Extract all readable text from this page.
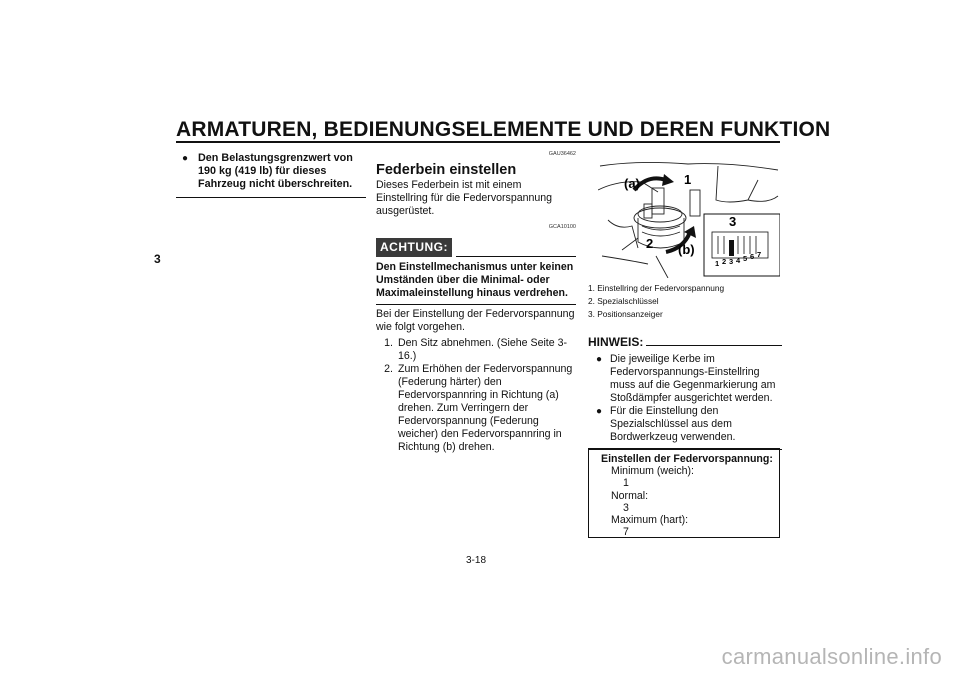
ARMATUREN, BEDIENUNGSELEMENTE UND DEREN FUNKTION
3
● Den Belastungsgrenzwert von 190 kg (419 lb) für dieses Fahrzeug nicht überschreiten.
GAU36462
Federbein einstellen
Dieses Federbein ist mit einem Einstellring für die Federvorspannung ausgerüstet.
GCA10100
ACHTUNG:
Den Einstellmechanismus unter keinen Umständen über die Minimal- oder Maximaleinstellung hinaus verdrehen.
Bei der Einstellung der Federvorspannung wie folgt vorgehen.
1. Den Sitz abnehmen. (Siehe Seite 3-16.)
2. Zum Erhöhen der Federvorspannung (Federung härter) den Federvorspannring in Richtung (a) drehen. Zum Verringern der Federvorspannung (Federung weicher) den Federvorspannring in Richtung (b) drehen.
(a)	1
2 (b)
3
1 2 3 4 5 6 7
1. Einstellring der Federvorspannung
2. Spezialschlüssel
3. Positionsanzeiger
HINWEIS:
● Die jeweilige Kerbe im Federvorspannungs-Einstellring muss auf die Gegenmarkierung am Stoßdämpfer ausgerichtet werden.
● Für die Einstellung den Spezialschlüssel aus dem Bordwerkzeug verwenden.
Einstellen der Federvorspannung:
Minimum (weich):
1
Normal:
3
Maximum (hart):
7
3-18
carmanualsonline.info
